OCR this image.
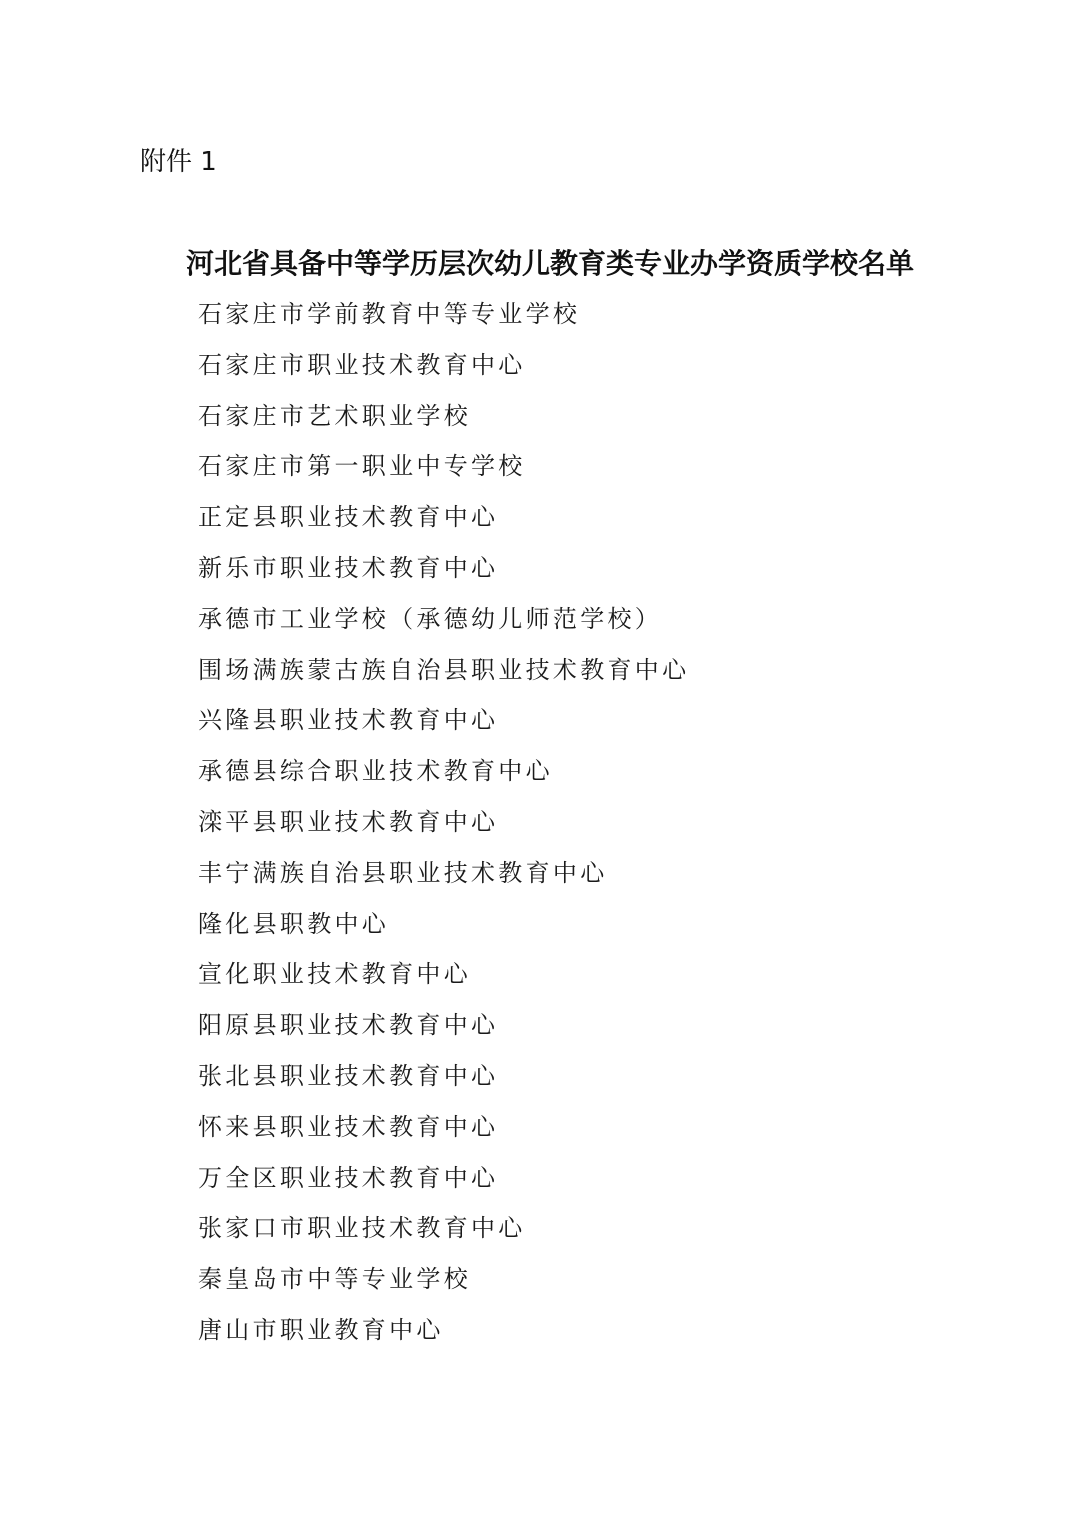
附件 1
河北省具备中等学历层次幼儿教育类专业办学资质学校名单
石家庄市学前教育中等专业学校
石家庄市职业技术教育中心
石家庄市艺术职业学校
石家庄市第一职业中专学校
正定县职业技术教育中心
新乐市职业技术教育中心
承德市工业学校（承德幼儿师范学校）
围场满族蒙古族自治县职业技术教育中心
兴隆县职业技术教育中心
承德县综合职业技术教育中心
滦平县职业技术教育中心
丰宁满族自治县职业技术教育中心
隆化县职教中心
宣化职业技术教育中心
阳原县职业技术教育中心
张北县职业技术教育中心
怀来县职业技术教育中心
万全区职业技术教育中心
张家口市职业技术教育中心
秦皇岛市中等专业学校
唐山市职业教育中心
